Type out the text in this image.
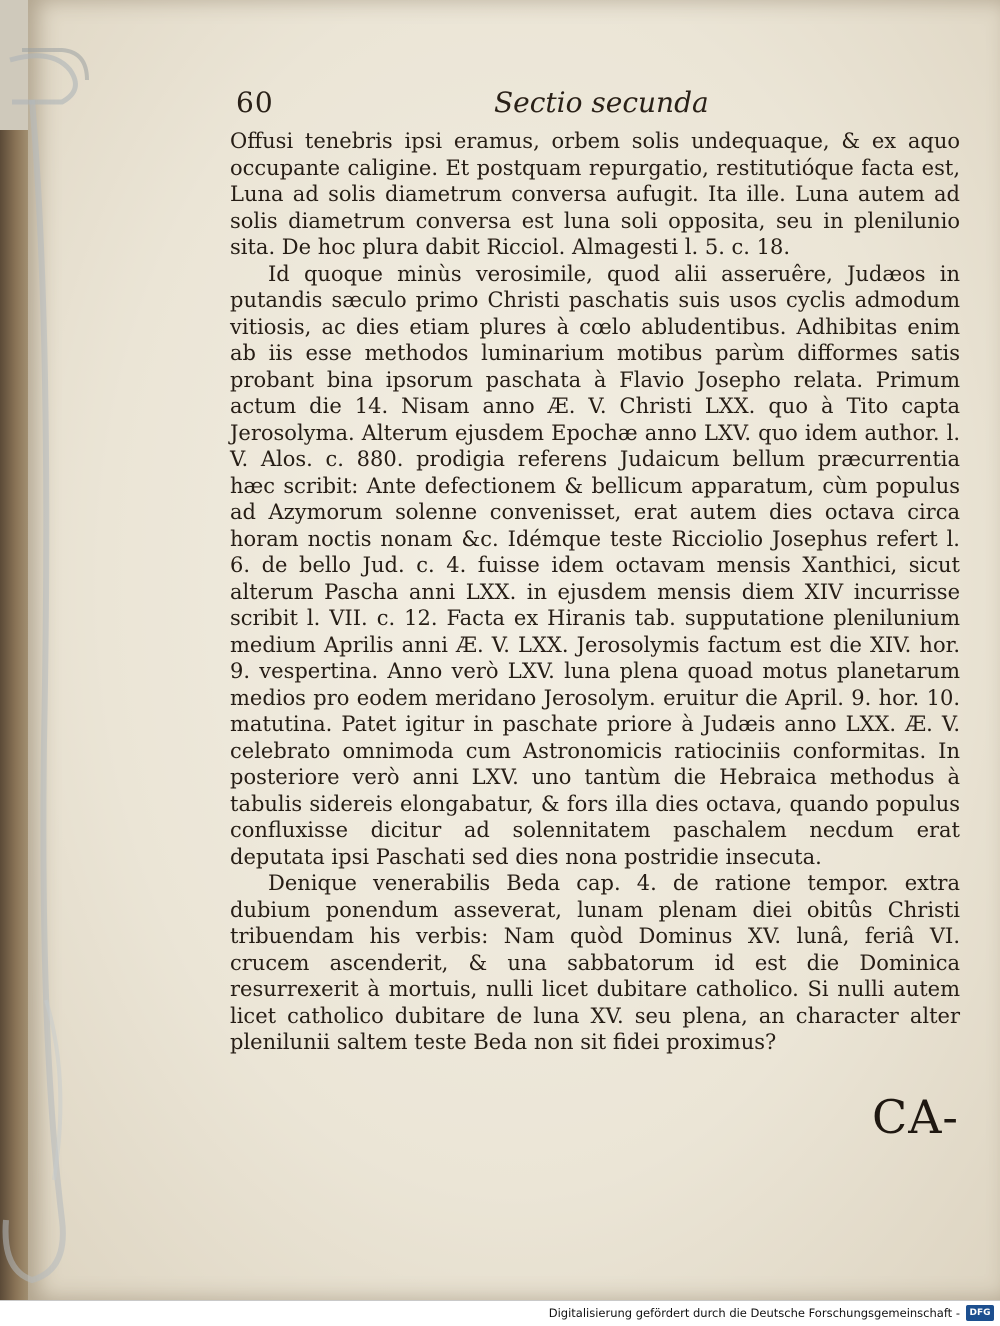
60	Sectio secunda

Offusi tenebris ipsi eramus, orbem solis undequaque, & ex aquo occupante caligine. Et postquam repurgatio, restitutióque facta est, Luna ad solis diametrum conversa aufugit. Ita ille. Luna autem ad solis diametrum conversa est luna soli opposita, seu in plenilunio sita. De hoc plura dabit Ricciol. Almagesti l. 5. c. 18.

Id quoque minùs verosimile, quod alii asseruêre, Judæos in putandis sæculo primo Christi paschatis suis usos cyclis admodum vitiosis, ac dies etiam plures à cœlo abludentibus. Adhibitas enim ab iis esse methodos luminarium motibus parùm difformes satis probant bina ipsorum paschata à Flavio Josepho relata. Primum actum die 14. Nisam anno Æ. V. Christi LXX. quo à Tito capta Jerosolyma. Alterum ejusdem Epochæ anno LXV. quo idem author. l. V. Alos. c. 880. prodigia referens Judaicum bellum præcurrentia hæc scribit: Ante defectionem & bellicum apparatum, cùm populus ad Azymorum solenne convenisset, erat autem dies octava circa horam noctis nonam &c. Idémque teste Ricciolio Josephus refert l. 6. de bello Jud. c. 4. fuisse idem octavam mensis Xanthici, sicut alterum Pascha anni LXX. in ejusdem mensis diem XIV incurrisse scribit l. VII. c. 12. Facta ex Hiranis tab. supputatione plenilunium medium Aprilis anni Æ. V. LXX. Jerosolymis factum est die XIV. hor. 9. vespertina. Anno verò LXV. luna plena quoad motus planetarum medios pro eodem meridano Jerosolym. eruitur die April. 9. hor. 10. matutina. Patet igitur in paschate priore à Judæis anno LXX. Æ. V. celebrato omnimoda cum Astronomicis ratiociniis conformitas. In posteriore verò anni LXV. uno tantùm die Hebraica methodus à tabulis sidereis elongabatur, & fors illa dies octava, quando populus confluxisse dicitur ad solennitatem paschalem necdum erat deputata ipsi Paschati sed dies nona postridie insecuta.

Denique venerabilis Beda cap. 4. de ratione tempor. extra dubium ponendum asseverat, lunam plenam diei obitûs Christi tribuendam his verbis: Nam quòd Dominus XV. lunâ, feriâ VI. crucem ascenderit, & una sabbatorum id est die Dominica resurrexerit à mortuis, nulli licet dubitare catholico. Si nulli autem licet catholico dubitare de luna XV. seu plena, an character alter plenilunii saltem teste Beda non sit fidei proximus?

CA-
Digitalisierung gefördert durch die Deutsche Forschungsgemeinschaft -	DFG
